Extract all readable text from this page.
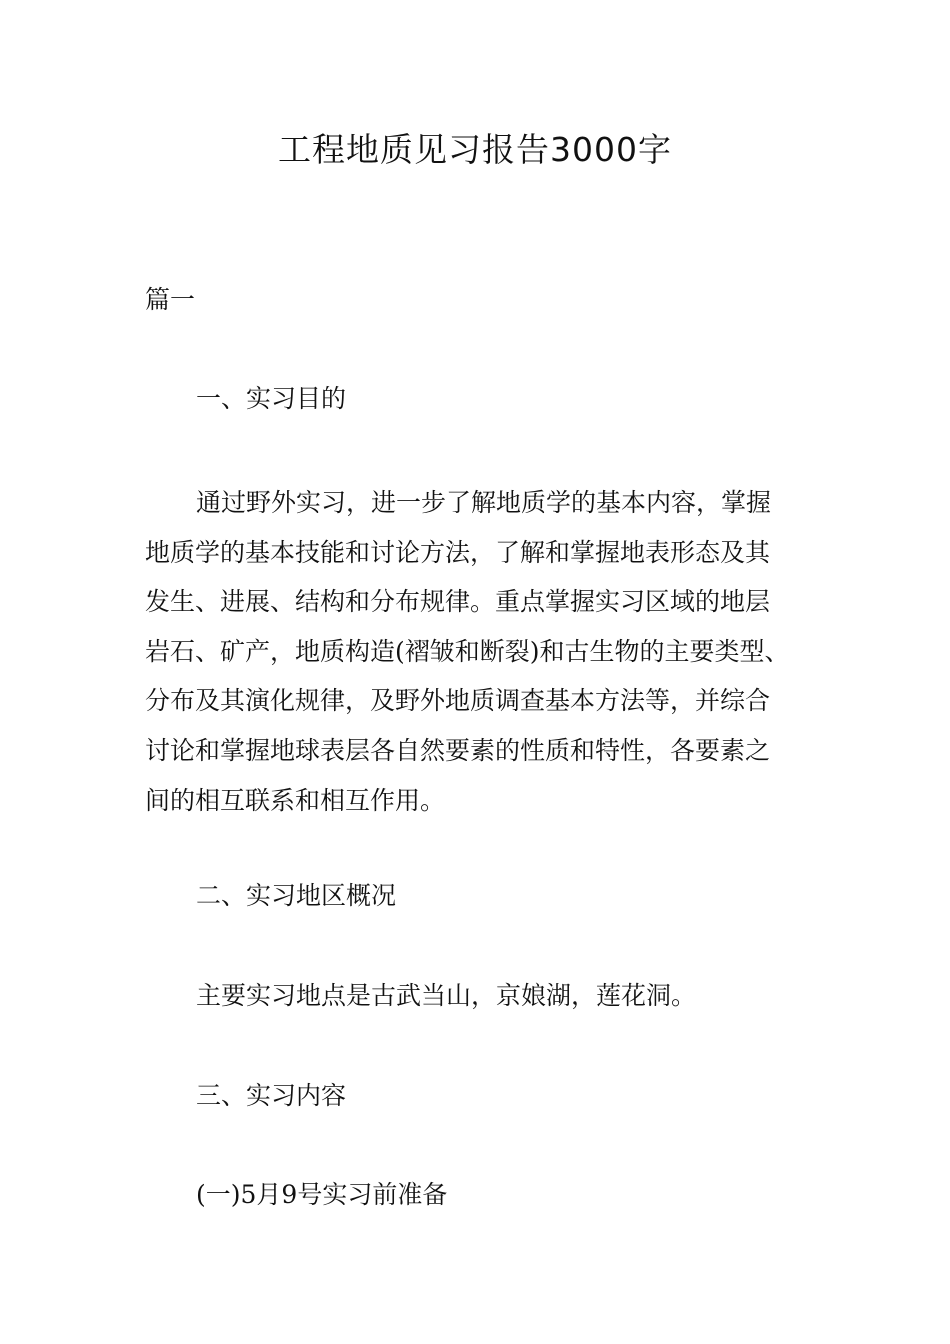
工程地质见习报告3000字
篇一
一、实习目的
通过野外实习，进一步了解地质学的基本内容，掌握
地质学的基本技能和讨论方法，了解和掌握地表形态及其
发生、进展、结构和分布规律。重点掌握实习区域的地层
岩石、矿产，地质构造(褶皱和断裂)和古生物的主要类型、
分布及其演化规律，及野外地质调查基本方法等，并综合
讨论和掌握地球表层各自然要素的性质和特性，各要素之
间的相互联系和相互作用。
二、实习地区概况
主要实习地点是古武当山，京娘湖，莲花洞。
三、实习内容
(一)5月9号实习前准备
